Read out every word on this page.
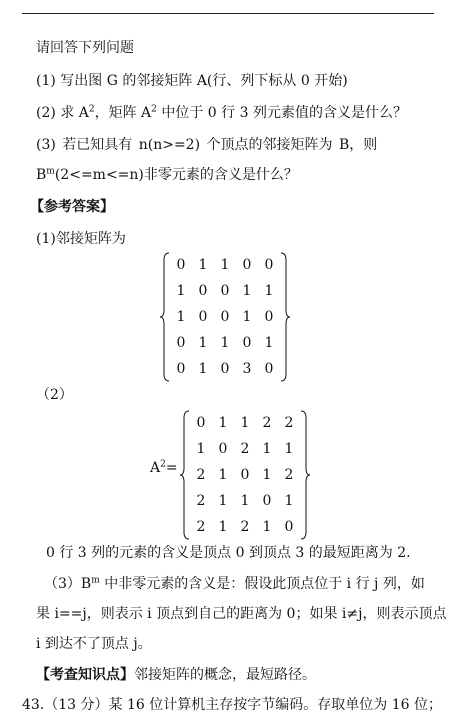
请回答下列问题
(1) 写出图 G 的邻接矩阵 A(行、列下标从 0 开始)
(2) 求 $A^2$，矩阵 $A^2$ 中位于 0 行 3 列元素值的含义是什么？
(3) 若已知具有 n(n>=2) 个顶点的邻接矩阵为 B，则
$B^m(2<=m<=n)$非零元素的含义是什么？
【参考答案】
(1)邻接矩阵为
0 1 1 0 0
1 0 0 1 1
1 0 0 1 0
0 1 1 0 1
0 1 0 3 0
（2）
$A^2=$
0 1 1 2 2
1 0 2 1 1
2 1 0 1 2
2 1 1 0 1
2 1 2 1 0
0 行 3 列的元素的含义是顶点 0 到顶点 3 的最短距离为 2.
$(3)B^m$ 中非零元素的含义是：假设此顶点位于 i 行 j 列，如
果 i==j，则表示 i 顶点到自己的距离为 0；如果 i≠j，则表示顶点
i 到达不了顶点 j。
【考查知识点】邻接矩阵的概念，最短路径。
43.（13 分）某 16 位计算机主存按字节编码。存取单位为 16 位；
